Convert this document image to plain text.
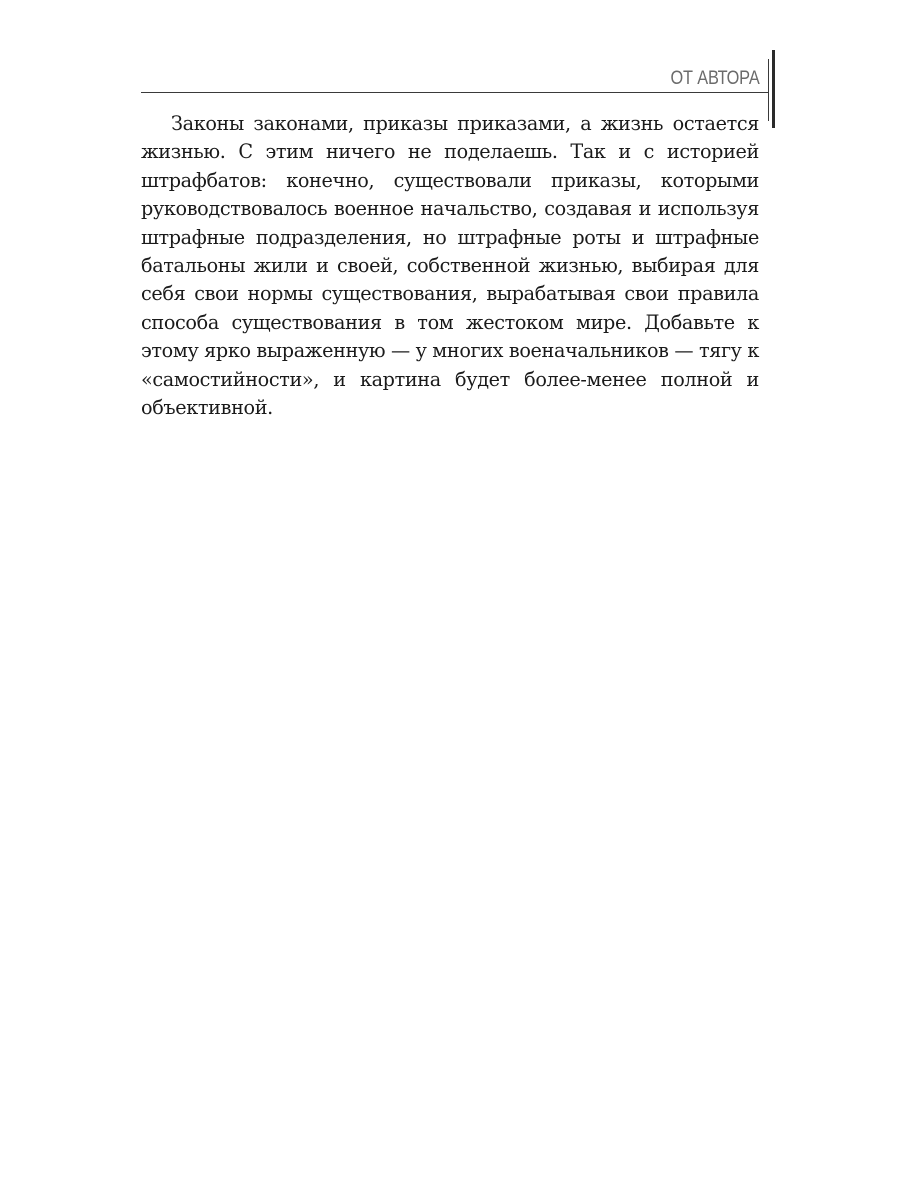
ОТ АВТОРА

Законы законами, приказы приказами, а жизнь остается жизнью. С этим ничего не поделаешь. Так и с историей штрафбатов: конечно, существовали приказы, которыми руководствовалось военное начальство, создавая и используя штрафные подразделения, но штрафные роты и штрафные батальоны жили и своей, собственной жизнью, выбирая для себя свои нормы существования, вырабатывая свои правила способа существования в том жестоком мире. Добавьте к этому ярко выраженную — у многих военачальников — тягу к «самостийности», и картина будет более-менее полной и объективной.
